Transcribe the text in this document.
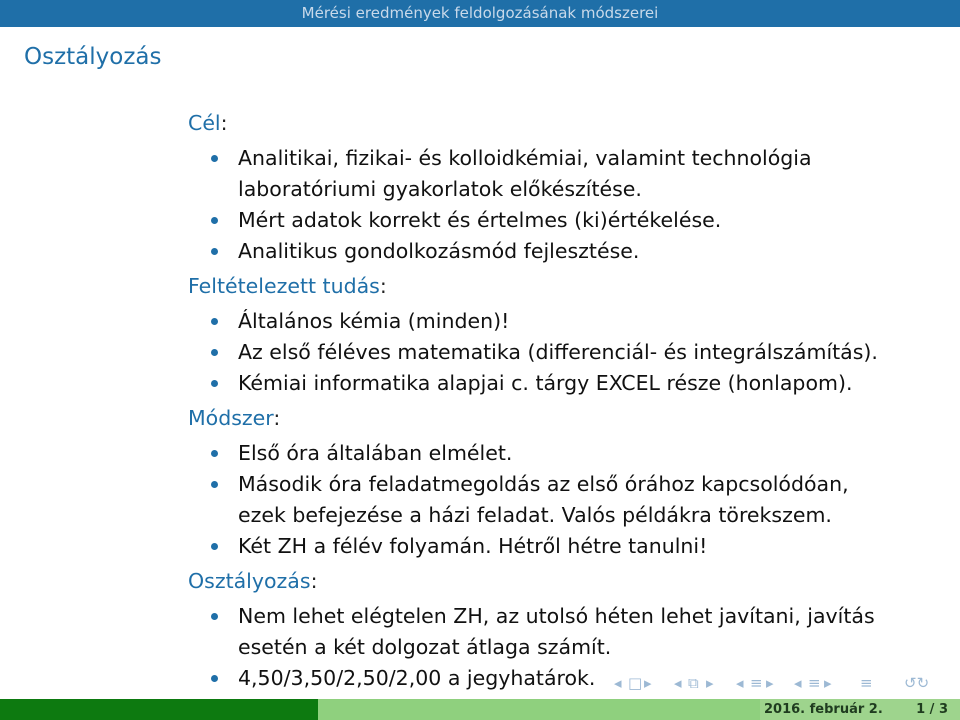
Mérési eredmények feldolgozásának módszerei
Osztályozás
Cél:
Analitikai, fizikai- és kolloidkémiai, valamint technológia
laboratóriumi gyakorlatok előkészítése.
Mért adatok korrekt és értelmes (ki)értékelése.
Analitikus gondolkozásmód fejlesztése.
Feltételezett tudás:
Általános kémia (minden)!
Az első féléves matematika (differenciál- és integrálszámítás).
Kémiai informatika alapjai c. tárgy EXCEL része (honlapom).
Módszer:
Első óra általában elmélet.
Második óra feladatmegoldás az első órához kapcsolódóan,
ezek befejezése a házi feladat. Valós példákra törekszem.
Két ZH a félév folyamán. Hétről hétre tanulni!
Osztályozás:
Nem lehet elégtelen ZH, az utolsó héten lehet javítani, javítás
esetén a két dolgozat átlaga számít.
4,50/3,50/2,50/2,00 a jegyhatárok.	◂ □ ▸ ◂ ⧉ ▸ ◂ ≡ ▸ ◂ ≡ ▸ ≡ ↺↻
2016. február 2.	1 / 3
